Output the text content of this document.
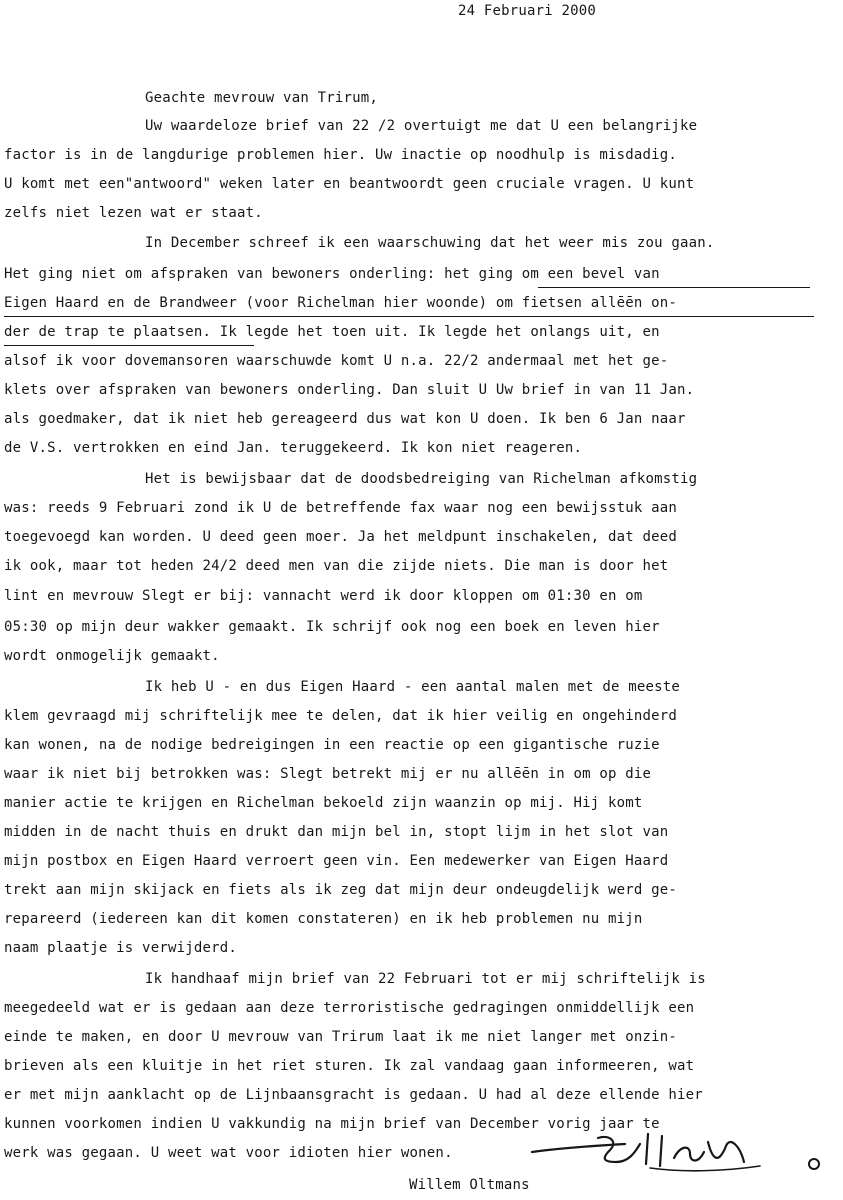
24 Februari 2000
Geachte mevrouw van Trirum,
Uw waardeloze brief van 22 /2 overtuigt me dat U een belangrijke
factor is in de langdurige problemen hier. Uw inactie op noodhulp is misdadig.
U komt met een"antwoord" weken later en beantwoordt geen cruciale vragen. U kunt
zelfs niet lezen wat er staat.
In December schreef ik een waarschuwing dat het weer mis zou gaan.
Het ging niet om afspraken van bewoners onderling: het ging om een bevel van
Eigen Haard en de Brandweer (voor Richelman hier woonde) om fietsen allēēn on-
der de trap te plaatsen. Ik legde het toen uit. Ik legde het onlangs uit, en
alsof ik voor dovemansoren waarschuwde komt U n.a. 22/2 andermaal met het ge-
klets over afspraken van bewoners onderling. Dan sluit U Uw brief in van 11 Jan.
als goedmaker, dat ik niet heb gereageerd dus wat kon U doen. Ik ben 6 Jan naar
de V.S. vertrokken en eind Jan. teruggekeerd. Ik kon niet reageren.
Het is bewijsbaar dat de doodsbedreiging van Richelman afkomstig
was: reeds 9 Februari zond ik U de betreffende fax waar nog een bewijsstuk aan
toegevoegd kan worden. U deed geen moer. Ja het meldpunt inschakelen, dat deed
ik ook, maar tot heden 24/2 deed men van die zijde niets. Die man is door het
lint en mevrouw Slegt er bij: vannacht werd ik door kloppen om 01:30 en om
05:30 op mijn deur wakker gemaakt. Ik schrijf ook nog een boek en leven hier
wordt onmogelijk gemaakt.
Ik heb U - en dus Eigen Haard - een aantal malen met de meeste
klem gevraagd mij schriftelijk mee te delen, dat ik hier veilig en ongehinderd
kan wonen, na de nodige bedreigingen in een reactie op een gigantische ruzie
waar ik niet bij betrokken was: Slegt betrekt mij er nu allēēn in om op die
manier actie te krijgen en Richelman bekoeld zijn waanzin op mij. Hij komt
midden in de nacht thuis en drukt dan mijn bel in, stopt lijm in het slot van
mijn postbox en Eigen Haard verroert geen vin. Een medewerker van Eigen Haard
trekt aan mijn skijack en fiets als ik zeg dat mijn deur ondeugdelijk werd ge-
repareerd (iedereen kan dit komen constateren) en ik heb problemen nu mijn
naam plaatje is verwijderd.
Ik handhaaf mijn brief van 22 Februari tot er mij schriftelijk is
meegedeeld wat er is gedaan aan deze terroristische gedragingen onmiddellijk een
einde te maken, en door U mevrouw van Trirum laat ik me niet langer met onzin-
brieven als een kluitje in het riet sturen. Ik zal vandaag gaan informeeren, wat
er met mijn aanklacht op de Lijnbaansgracht is gedaan. U had al deze ellende hier
kunnen voorkomen indien U vakkundig na mijn brief van December vorig jaar te
werk was gegaan. U weet wat voor idioten hier wonen.
Willem Oltmans
